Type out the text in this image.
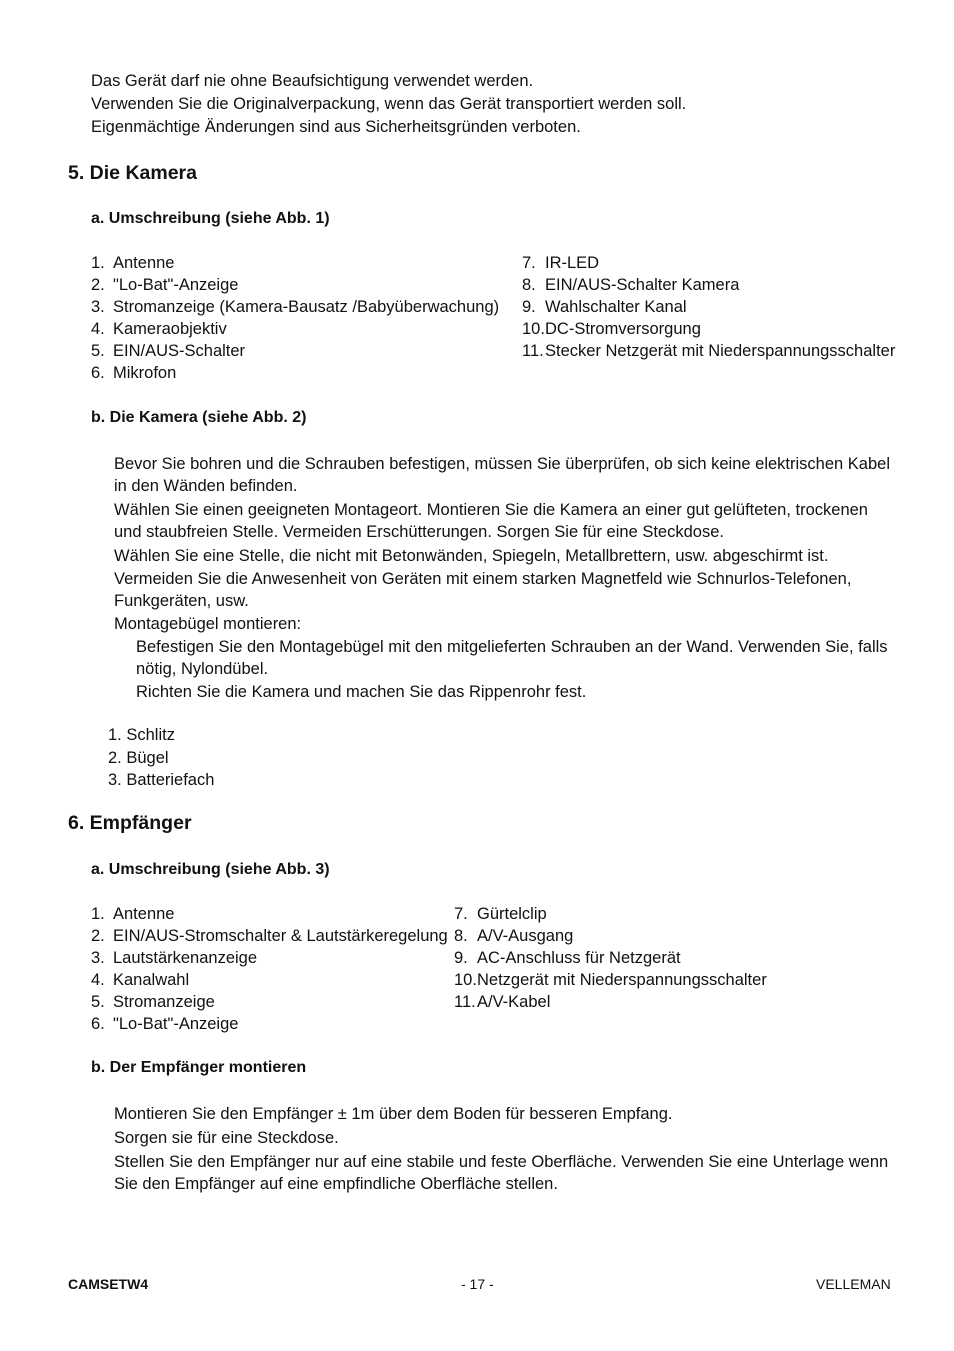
Das Gerät darf nie ohne Beaufsichtigung verwendet werden.
Verwenden Sie die Originalverpackung, wenn das Gerät transportiert werden soll.
Eigenmächtige Änderungen sind aus Sicherheitsgründen verboten.
5. Die Kamera
a. Umschreibung (siehe Abb. 1)
1. Antenne
2. "Lo-Bat"-Anzeige
3. Stromanzeige (Kamera-Bausatz /Babyüberwachung)
4. Kameraobjektiv
5. EIN/AUS-Schalter
6. Mikrofon
7. IR-LED
8. EIN/AUS-Schalter Kamera
9. Wahlschalter Kanal
10.DC-Stromversorgung
11.Stecker Netzgerät mit Niederspannungsschalter
b. Die Kamera (siehe Abb. 2)

Bevor Sie bohren und die Schrauben befestigen, müssen Sie überprüfen, ob sich keine elektrischen Kabel in den Wänden befinden.

Wählen Sie einen geeigneten Montageort. Montieren Sie die Kamera an einer gut gelüfteten, trockenen und staubfreien Stelle. Vermeiden Erschütterungen. Sorgen Sie für eine Steckdose.

Wählen Sie eine Stelle, die nicht mit Betonwänden, Spiegeln, Metallbrettern, usw. abgeschirmt ist.

Vermeiden Sie die Anwesenheit von Geräten mit einem starken Magnetfeld wie Schnurlos-Telefonen, Funkgeräten, usw.

Montagebügel montieren:

Befestigen Sie den Montagebügel mit den mitgelieferten Schrauben an der Wand. Verwenden Sie, falls nötig, Nylondübel.

Richten Sie die Kamera und machen Sie das Rippenrohr fest.

1. Schlitz
2. Bügel
3. Batteriefach
6. Empfänger
a. Umschreibung (siehe Abb. 3)
1. Antenne
2. EIN/AUS-Stromschalter & Lautstärkeregelung
3. Lautstärkenanzeige
4. Kanalwahl
5. Stromanzeige
6. "Lo-Bat"-Anzeige
7. Gürtelclip
8. A/V-Ausgang
9. AC-Anschluss für Netzgerät
10.Netzgerät mit Niederspannungsschalter
11.A/V-Kabel
b. Der Empfänger montieren

Montieren Sie den Empfänger ± 1m über dem Boden für besseren Empfang.

Sorgen sie für eine Steckdose.

Stellen Sie den Empfänger nur auf eine stabile und feste Oberfläche. Verwenden Sie eine Unterlage wenn Sie den Empfänger auf eine empfindliche Oberfläche stellen.

CAMSETW4	- 17 -	VELLEMAN
